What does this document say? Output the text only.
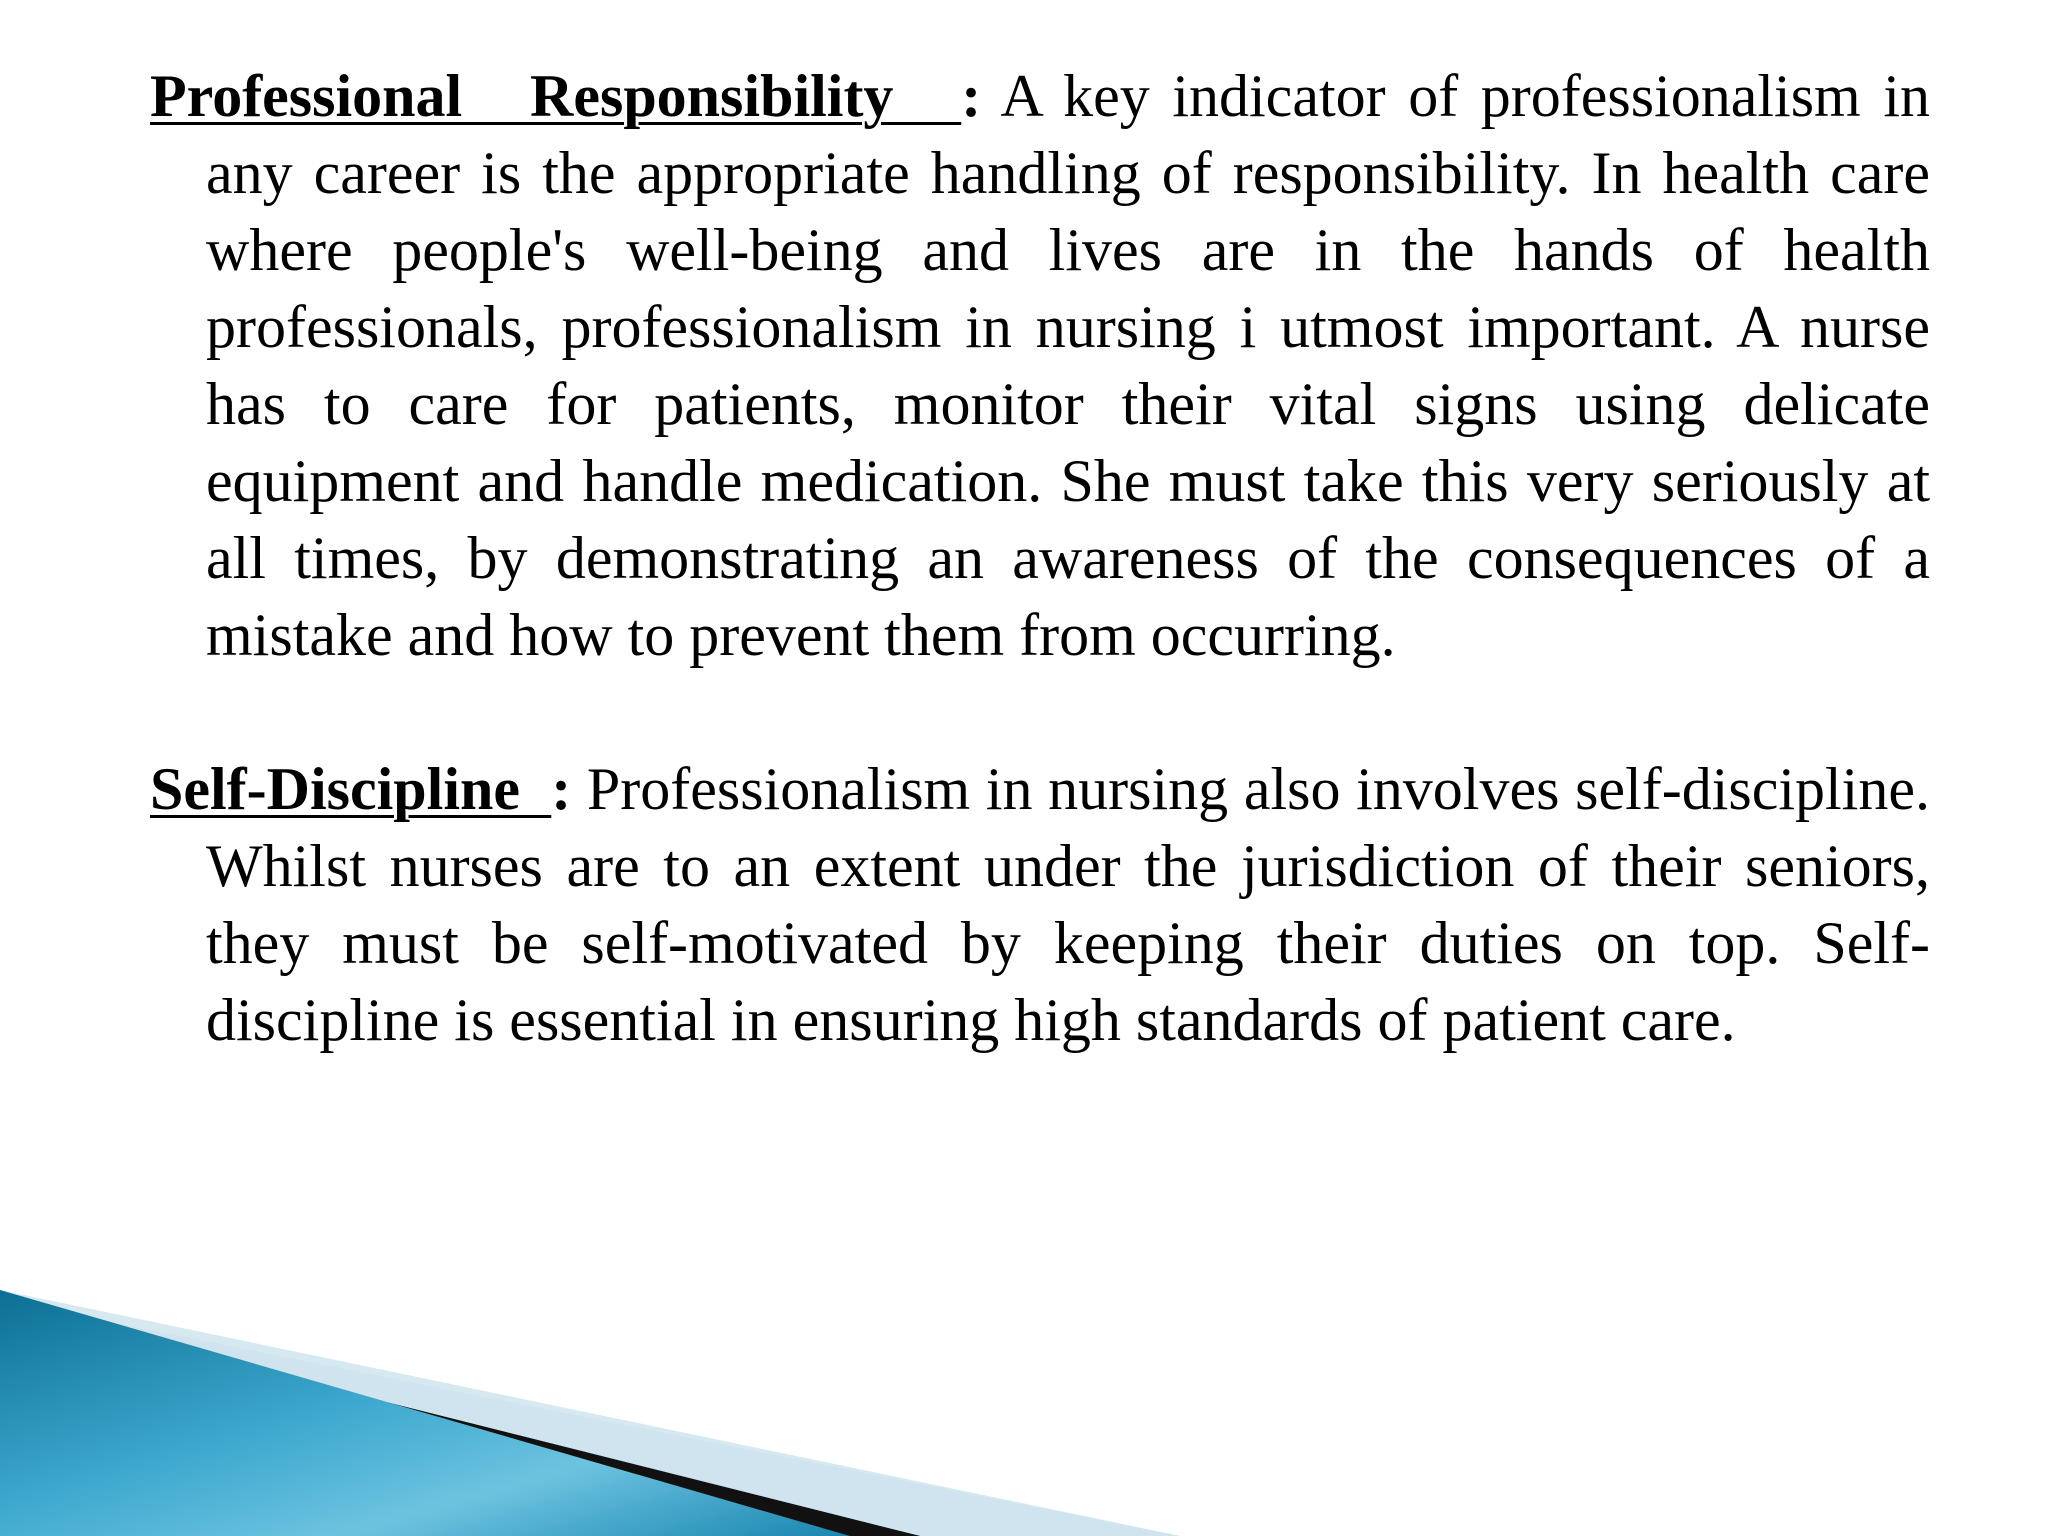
Professional   Responsibility   : A key indicator of professionalism in any career is the appropriate handling of responsibility. In health care where people's well-being and lives are in the hands of health professionals, professionalism in nursing i utmost important. A nurse has to care for patients, monitor their vital signs using delicate equipment and handle medication. She must take this very seriously at all times, by demonstrating an awareness of the consequences of a mistake and how to prevent them from occurring.

Self-Discipline  : Professionalism in nursing also involves self-discipline. Whilst nurses are to an extent under the jurisdiction of their seniors, they must be self-motivated by keeping their duties on top. Self-discipline is essential in ensuring high standards of patient care.
